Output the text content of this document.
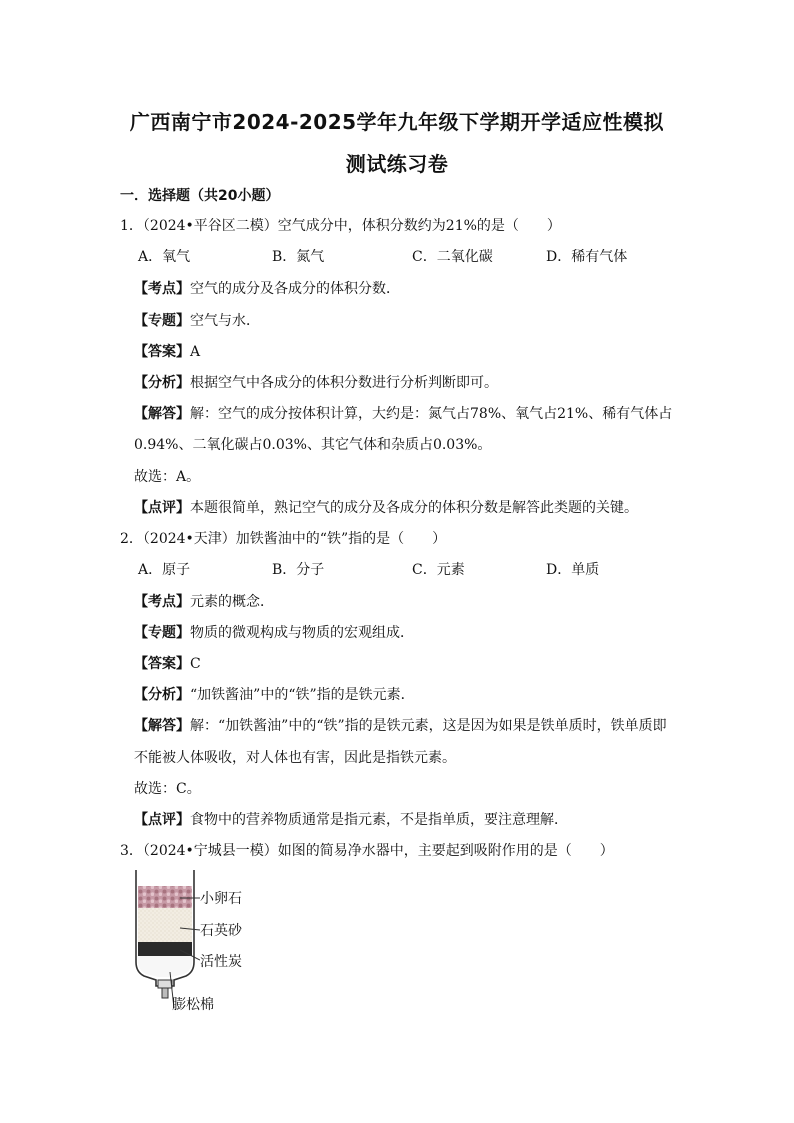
广西南宁市2024-2025学年九年级下学期开学适应性模拟
测试练习卷
一．选择题（共20小题）
1．（2024•平谷区二模）空气成分中，体积分数约为21%的是（　　）
A．氧气	B．氮气	C．二氧化碳	D．稀有气体
【考点】空气的成分及各成分的体积分数．
【专题】空气与水．
【答案】A
【分析】根据空气中各成分的体积分数进行分析判断即可。
【解答】解：空气的成分按体积计算，大约是：氮气占78%、氧气占21%、稀有气体占
0.94%、二氧化碳占0.03%、其它气体和杂质占0.03%。
故选：A。
【点评】本题很简单，熟记空气的成分及各成分的体积分数是解答此类题的关键。
2．（2024•天津）加铁酱油中的“铁”指的是（　　）
A．原子	B．分子	C．元素	D．单质
【考点】元素的概念．
【专题】物质的微观构成与物质的宏观组成．
【答案】C
【分析】“加铁酱油”中的“铁”指的是铁元素．
【解答】解：“加铁酱油”中的“铁”指的是铁元素，这是因为如果是铁单质时，铁单质即
不能被人体吸收，对人体也有害，因此是指铁元素。
故选：C。
【点评】食物中的营养物质通常是指元素，不是指单质，要注意理解．
3．（2024•宁城县一模）如图的简易净水器中，主要起到吸附作用的是（　　）
小卵石
石英砂
活性炭
膨松棉
